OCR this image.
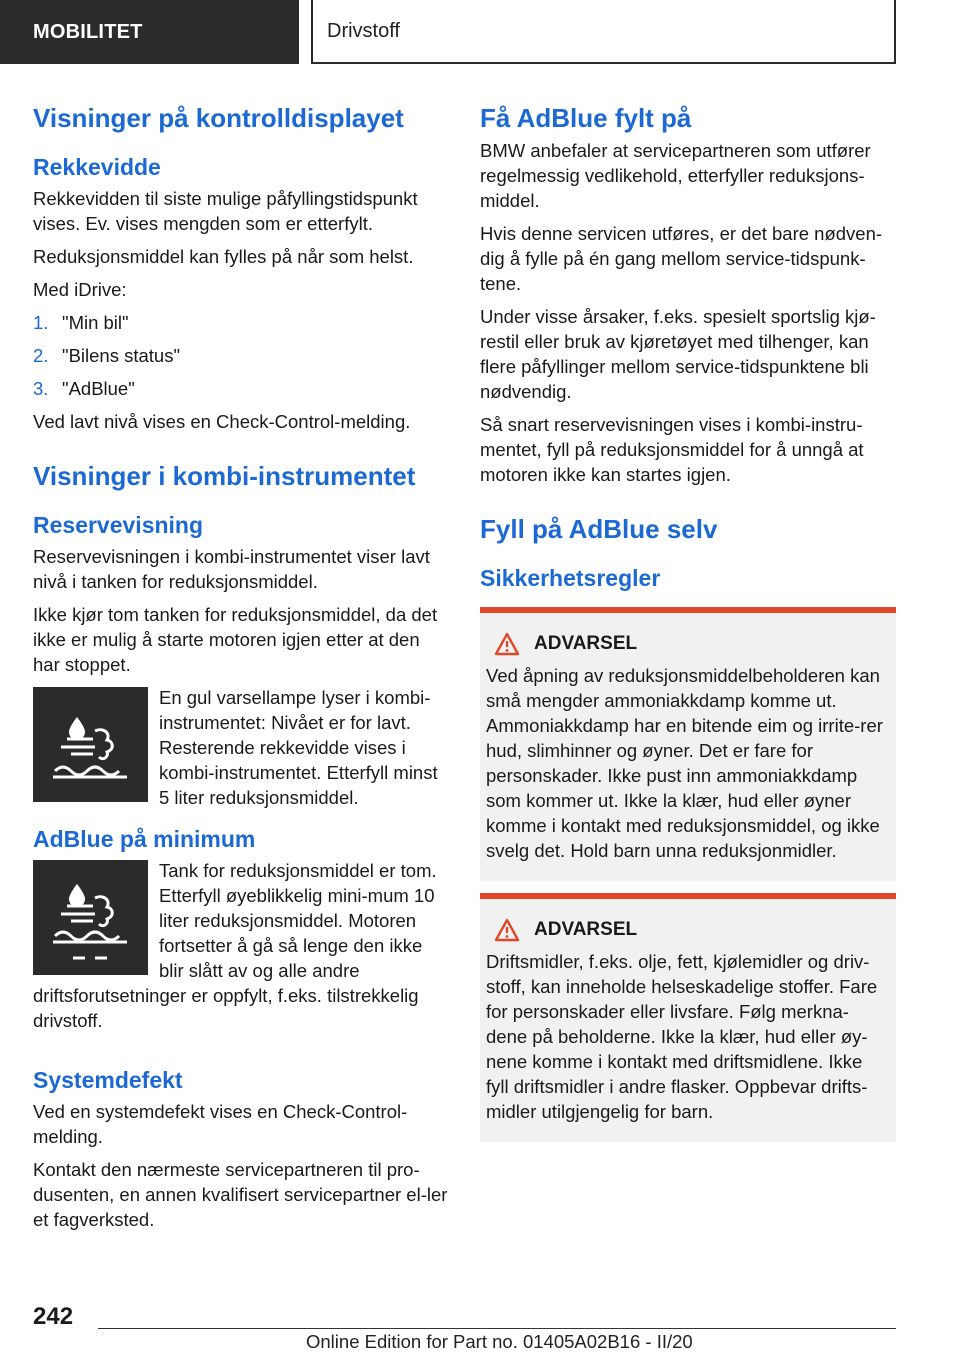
MOBILITET	Drivstoff
Visninger på kontrolldisplayet
Rekkevidde

Rekkevidden til siste mulige påfyllingstidspunkt vises. Ev. vises mengden som er etterfylt.

Reduksjonsmiddel kan fylles på når som helst.

Med iDrive:

1. "Min bil"
2. "Bilens status"
3. "AdBlue"

Ved lavt nivå vises en Check-Control-melding.

Visninger i kombi-instrumentet
Reservevisning

Reservevisningen i kombi-instrumentet viser lavt nivå i tanken for reduksjonsmiddel.

Ikke kjør tom tanken for reduksjonsmiddel, da det ikke er mulig å starte motoren igjen etter at den har stoppet.

En gul varsellampe lyser i kombi-instrumentet: Nivået er for lavt. Resterende rekkevidde vises i kombi-instrumentet. Etterfyll minst 5 liter reduksjonsmiddel.

AdBlue på minimum

Tank for reduksjonsmiddel er tom. Etterfyll øyeblikkelig mini-mum 10 liter reduksjonsmiddel. Motoren fortsetter å gå så lenge den ikke blir slått av og alle andre driftsforutsetninger er oppfylt, f.eks. tilstrekkelig drivstoff.

Systemdefekt

Ved en systemdefekt vises en Check-Control-melding.

Kontakt den nærmeste servicepartneren til pro-dusenten, en annen kvalifisert servicepartner el-ler et fagverksted.

Få AdBlue fylt på

BMW anbefaler at servicepartneren som utfører regelmessig vedlikehold, etterfyller reduksjons-middel.

Hvis denne servicen utføres, er det bare nødven-dig å fylle på én gang mellom service-tidspunk-tene.

Under visse årsaker, f.eks. spesielt sportslig kjø-restil eller bruk av kjøretøyet med tilhenger, kan flere påfyllinger mellom service-tidspunktene bli nødvendig.

Så snart reservevisningen vises i kombi-instru-mentet, fyll på reduksjonsmiddel for å unngå at motoren ikke kan startes igjen.

Fyll på AdBlue selv
Sikkerhetsregler
ADVARSEL

Ved åpning av reduksjonsmiddelbeholderen kan små mengder ammoniakkdamp komme ut. Ammoniakkdamp har en bitende eim og irrite-rer hud, slimhinner og øyner. Det er fare for personskader. Ikke pust inn ammoniakkdamp som kommer ut. Ikke la klær, hud eller øyner komme i kontakt med reduksjonsmiddel, og ikke svelg det. Hold barn unna reduksjonmidler.

ADVARSEL

Driftsmidler, f.eks. olje, fett, kjølemidler og driv-stoff, kan inneholde helseskadelige stoffer. Fare for personskader eller livsfare. Følg merkna-dene på beholderne. Ikke la klær, hud eller øy-nene komme i kontakt med driftsmidlene. Ikke fyll driftsmidler i andre flasker. Oppbevar drifts-midler utilgjengelig for barn.

242
Online Edition for Part no. 01405A02B16 - II/20
